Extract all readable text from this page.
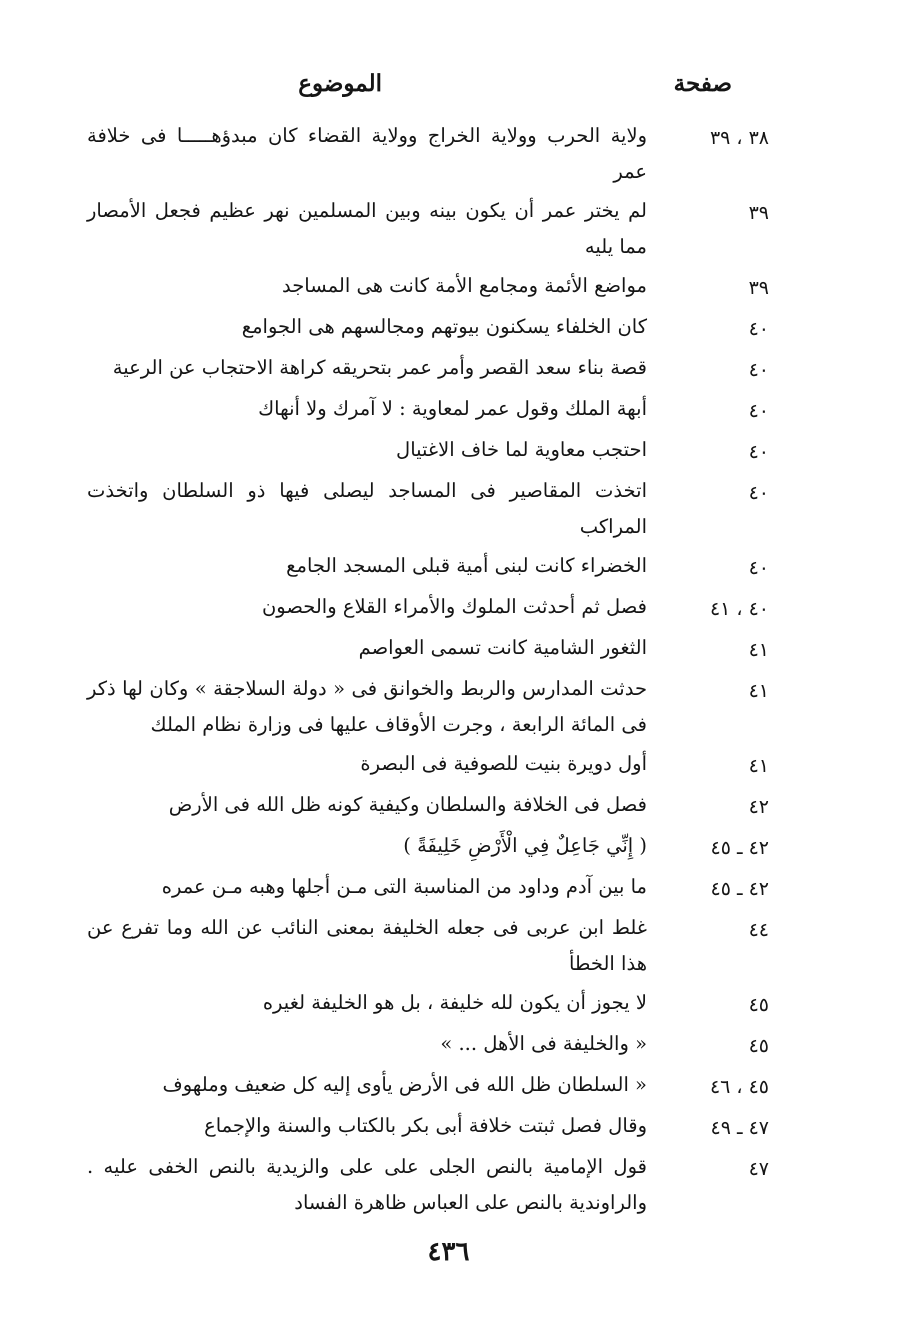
صفحة
الموضوع
٣٨ ، ٣٩
ولاية الحرب وولاية الخراج وولاية القضاء كان مبدؤهـــــا فى خلافة عمر
٣٩
لم يختر عمر أن يكون بينه وبين المسلمين نهر عظيم فجعل الأمصار مما يليه
٣٩
مواضع الأئمة ومجامع الأمة كانت هى المساجد
٤٠
كان الخلفاء يسكنون بيوتهم ومجالسهم هى الجوامع
٤٠
قصة بناء سعد القصر وأمر عمر بتحريقه كراهة الاحتجاب عن الرعية
٤٠
أبهة الملك وقول عمر لمعاوية : لا آمرك ولا أنهاك
٤٠
احتجب معاوية لما خاف الاغتيال
٤٠
اتخذت المقاصير فى المساجد ليصلى فيها ذو السلطان واتخذت المراكب
٤٠
الخضراء كانت لبنى أمية قبلى المسجد الجامع
٤٠ ، ٤١
فصل ثم أحدثت الملوك والأمراء القلاع والحصون
٤١
الثغور الشامية كانت تسمى العواصم
٤١
حدثت المدارس والربط والخوانق فى « دولة السلاجقة » وكان لها ذكر فى المائة الرابعة ، وجرت الأوقاف عليها فى وزارة نظام الملك
٤١
أول دويرة بنيت للصوفية فى البصرة
٤٢
فصل فى الخلافة والسلطان وكيفية كونه ظل الله فى الأرض
٤٢ ـ ٤٥
( إِنِّي جَاعِلٌ فِي الْأَرْضِ خَلِيفَةً )
٤٢ ـ ٤٥
ما بين آدم وداود من المناسبة التى مـن أجلها وهبه مـن عمره
٤٤
غلط ابن عربى فى جعله الخليفة بمعنى النائب عن الله وما تفرع عن هذا الخطأ
٤٥
لا يجوز أن يكون لله خليفة ، بل هو الخليفة لغيره
٤٥
« والخليفة فى الأهل ... »
٤٥ ، ٤٦
« السلطان ظل الله فى الأرض يأوى إليه كل ضعيف وملهوف
٤٧ ـ ٤٩
وقال فصل ثبتت خلافة أبى بكر بالكتاب والسنة والإجماع
٤٧
قول الإمامية بالنص الجلى على على والزيدية بالنص الخفى عليه . والراوندية بالنص على العباس ظاهرة الفساد
٤٣٦
